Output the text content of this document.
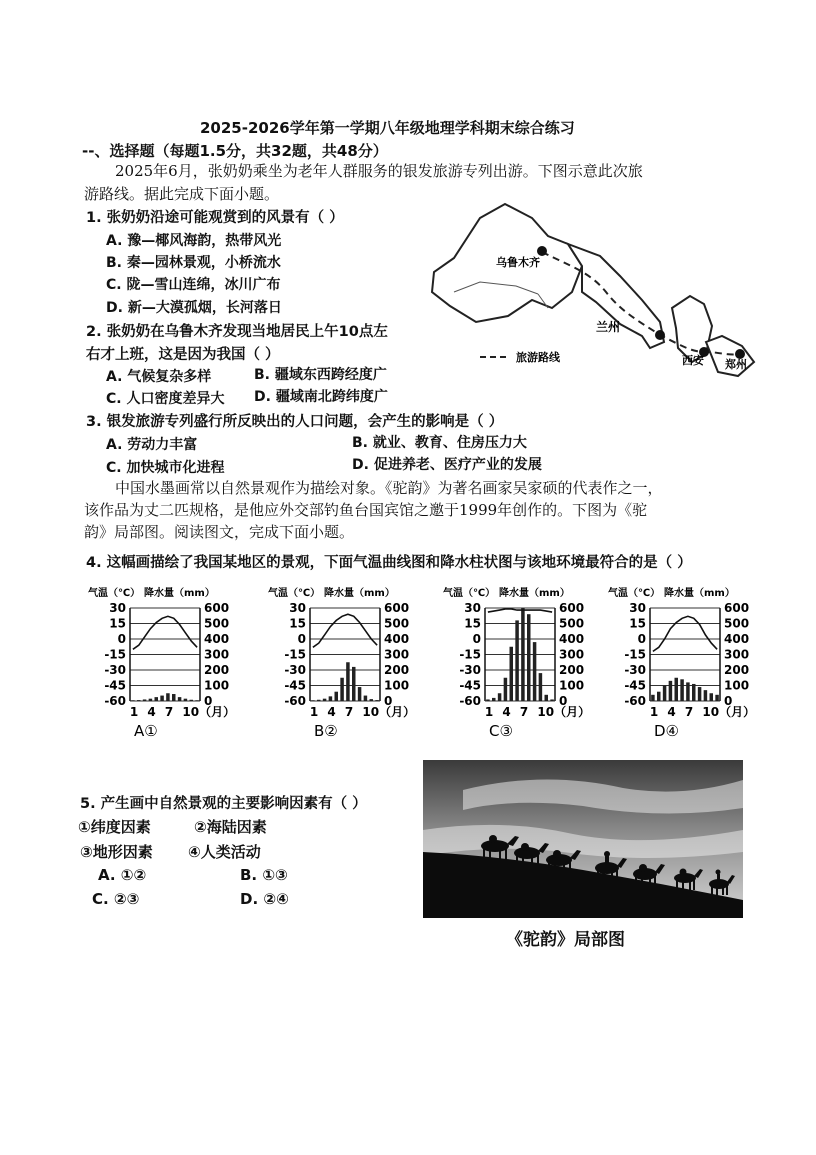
2025-2026学年第一学期八年级地理学科期末综合练习
--、选择题（每题1.5分，共32题，共48分）
2025年6月，张奶奶乘坐为老年人群服务的银发旅游专列出游。下图示意此次旅
游路线。据此完成下面小题。
1. 张奶奶沿途可能观赏到的风景有（ ）
A. 豫—椰风海韵，热带风光
B. 秦—园林景观，小桥流水
C. 陇—雪山连绵，冰川广布
D. 新—大漠孤烟，长河落日
2. 张奶奶在乌鲁木齐发现当地居民上午10点左
右才上班，这是因为我国（ ）
A. 气候复杂多样	B. 疆域东西跨经度广
C. 人口密度差异大 D. 疆域南北跨纬度广
3. 银发旅游专列盛行所反映出的人口问题，会产生的影响是（ ）
A. 劳动力丰富	B. 就业、教育、住房压力大
C. 加快城市化进程	D. 促进养老、医疗产业的发展
中国水墨画常以自然景观作为描绘对象。《驼韵》为著名画家吴家硕的代表作之一，
该作品为丈二匹规格，是他应外交部钓鱼台国宾馆之邀于1999年创作的。下图为《驼
韵》局部图。阅读图文，完成下面小题。
4. 这幅画描绘了我国某地区的景观，下面气温曲线图和降水柱状图与该地环境最符合的是（ ）
乌鲁木齐
兰州
西安 郑州
旅游路线
气温（℃） 降水量（mm）
30
15
0
-15
-30
-45
-60
600
500
400
300
200
100
0
1 4 7 10（月）
A①
气温（℃） 降水量（mm）
30
15
0
-15
-30
-45
-60
600
500
400
300
200
100
0
1 4 7 10（月）
B②
气温（℃） 降水量（mm）
30
15
0
-15
-30
-45
-60
600
500
400
300
200
100
0
1 4 7 10（月）
C③
气温（℃） 降水量（mm）
30
15
0
-15
-30
-45
-60
600
500
400
300
200
100
0
1 4 7 10（月）
D④
5. 产生画中自然景观的主要影响因素有（ ）
①纬度因素	②海陆因素
③地形因素 ④人类活动
A. ①②	B. ①③
C. ②③	D. ②④
《驼韵》局部图
